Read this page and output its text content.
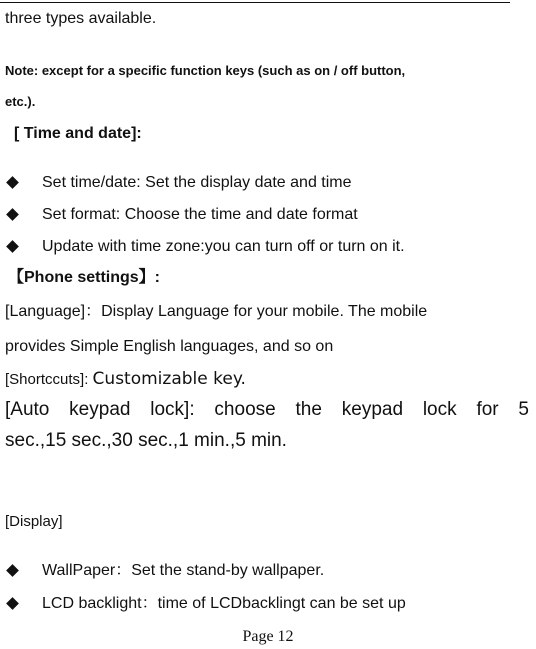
three types available.
Note: except for a specific function keys (such as on / off button,
etc.).
[ Time and date]:
Set time/date: Set the display date and time
Set format: Choose the time and date format
Update with time zone:you can turn off or turn on it.
【Phone settings】:
[Language]：Display Language for your mobile. The mobile
provides Simple English languages, and so on
[Shortccuts]: Customizable key.
[Auto keypad lock]: choose the keypad lock for 5
sec.,15 sec.,30 sec.,1 min.,5 min.
[Display]
WallPaper：Set the stand-by wallpaper.
LCD backlight：time of LCDbacklingt can be set up
Page 12
